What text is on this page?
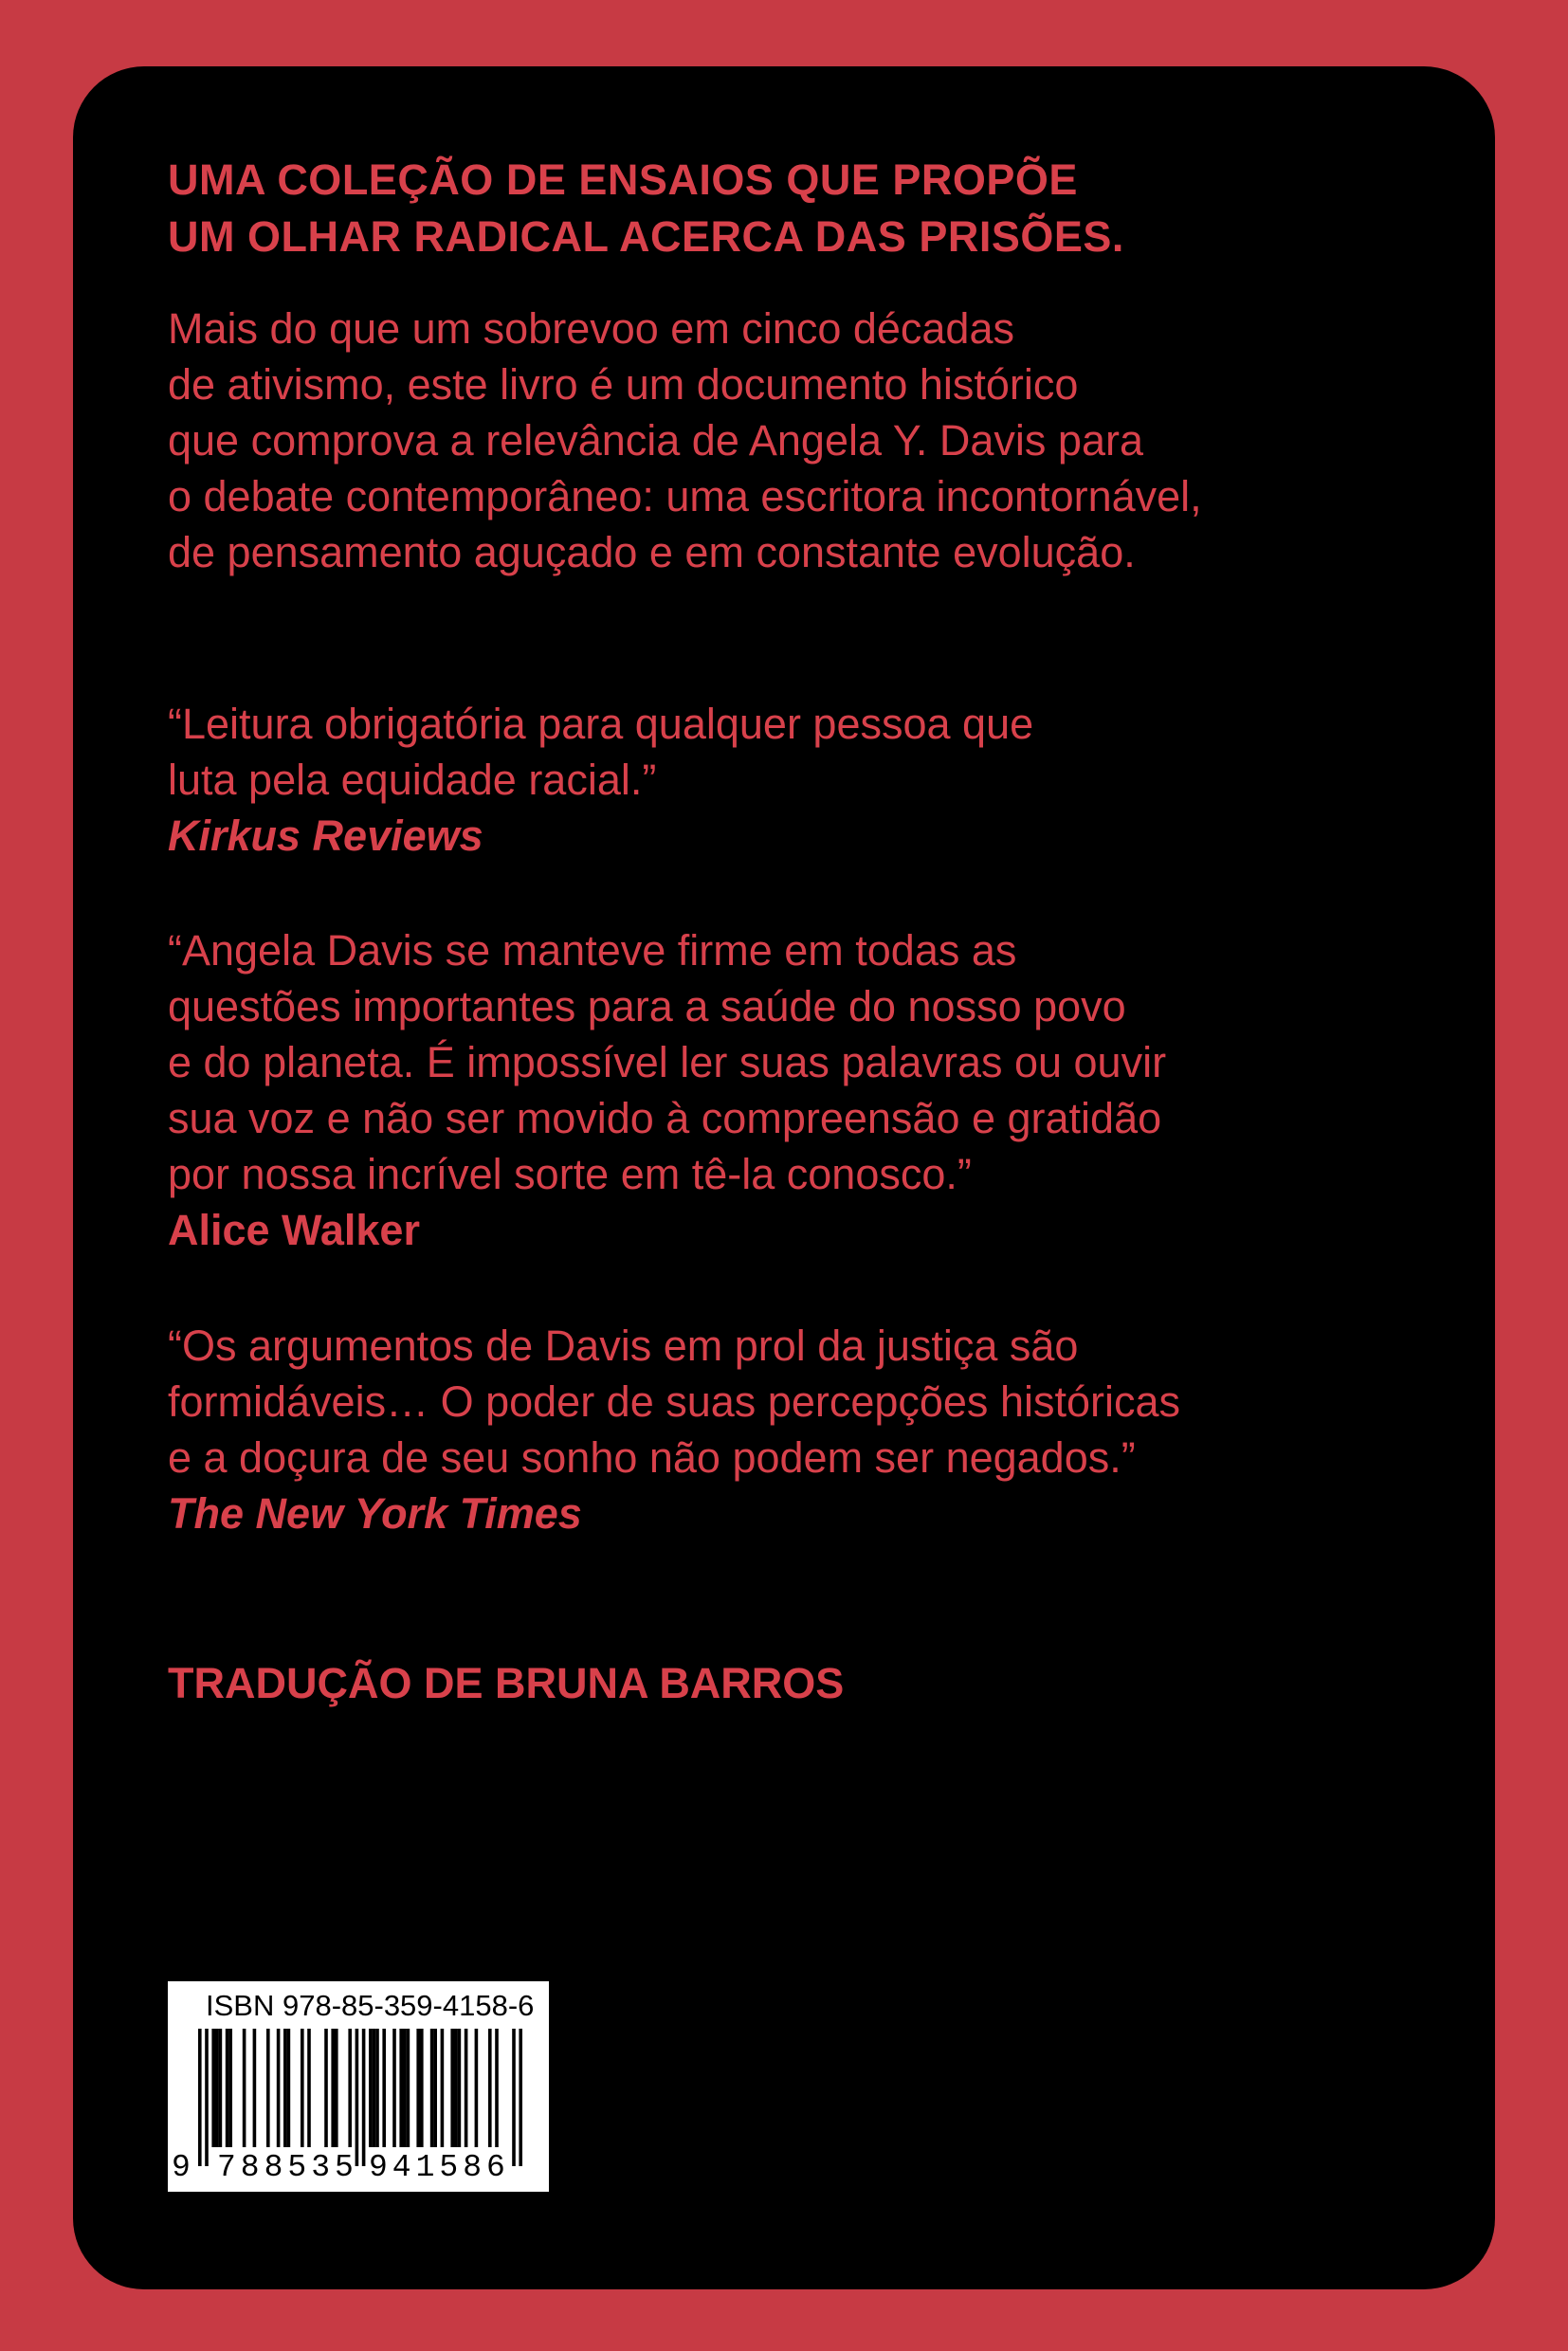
UMA COLEÇÃO DE ENSAIOS QUE PROPÕE
UM OLHAR RADICAL ACERCA DAS PRISÕES.
Mais do que um sobrevoo em cinco décadas
de ativismo, este livro é um documento histórico
que comprova a relevância de Angela Y. Davis para
o debate contemporâneo: uma escritora incontornável,
de pensamento aguçado e em constante evolução.
“Leitura obrigatória para qualquer pessoa que
luta pela equidade racial.”
Kirkus Reviews
“Angela Davis se manteve firme em todas as
questões importantes para a saúde do nosso povo
e do planeta. É impossível ler suas palavras ou ouvir
sua voz e não ser movido à compreensão e gratidão
por nossa incrível sorte em tê-la conosco.”
Alice Walker
“Os argumentos de Davis em prol da justiça são
formidáveis… O poder de suas percepções históricas
e a doçura de seu sonho não podem ser negados.”
The New York Times
TRADUÇÃO DE BRUNA BARROS
ISBN 978-85-359-4158-6
9 788535 941586
